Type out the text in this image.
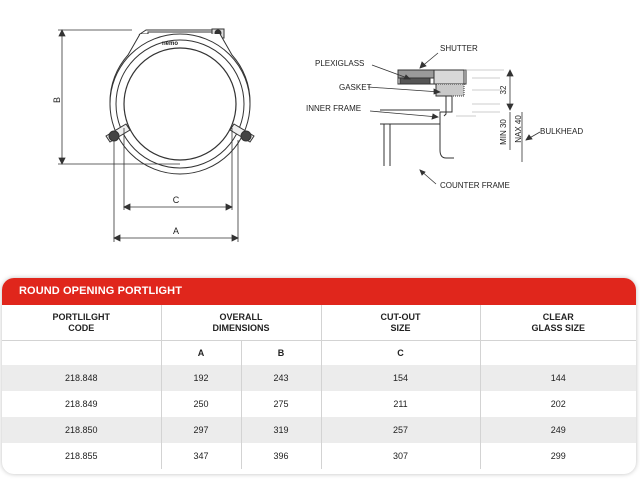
nemo
B
C
A
32
MIN 30 NAX 40
SHUTTER
PLEXIGLASS
GASKET
INNER FRAME
BULKHEAD
COUNTER FRAME
ROUND OPENING PORTLIGHT
PORTLILGHT CODE	OVERALL DIMENSIONS		CUT-OUT SIZE	CLEAR GLASS SIZE

	A	B	C	
218.848	192	243	154	144
218.849	250	275	211	202
218.850	297	319	257	249
218.855	347	396	307	299
